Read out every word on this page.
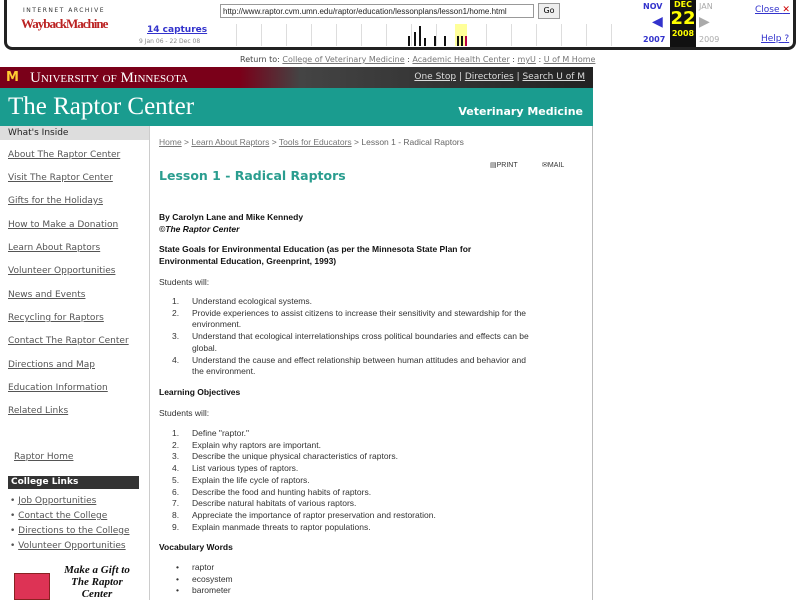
INTERNET ARCHIVE
WaybackMachine	14 captures
9 Jan 06 - 22 Dec 08
http://www.raptor.cvm.umn.edu/raptor/education/lessonplans/lesson1/home.html	Go	NOV
◀
2007
DEC
22
2008
JAN
▶
2009
Close ✕
Help ?
Return to: College of Veterinary Medicine : Academic Health Center : myU : U of M Home
M University of Minnesota	One Stop | Directories | Search U of M
The Raptor Center	Veterinary Medicine
What's Inside
About The Raptor Center
Visit The Raptor Center
Gifts for the Holidays
How to Make a Donation
Learn About Raptors
Volunteer Opportunities
News and Events
Recycling for Raptors
Contact The Raptor Center
Directions and Map
Education Information
Related Links
Raptor Home
College Links
• Job Opportunities
• Contact the College
• Directions to the College
• Volunteer Opportunities
Make a Gift to The Raptor Center
Home > Learn About Raptors > Tools for Educators > Lesson 1 - Radical Raptors
▤PRINT	✉MAIL
Lesson 1 - Radical Raptors
By Carolyn Lane and Mike Kennedy
©The Raptor Center
State Goals for Environmental Education (as per the Minnesota State Plan for
Environmental Education, Greenprint, 1993)
Students will:
Learning Objectives
Students will:
Vocabulary Words
1. Understand ecological systems.
2. Provide experiences to assist citizens to increase their sensitivity and stewardship for the
environment.
3. Understand that ecological interrelationships cross political boundaries and effects can be
global.
4. Understand the cause and effect relationship between human attitudes and behavior and
the environment.
1. Define "raptor."
2. Explain why raptors are important.
3. Describe the unique physical characteristics of raptors.
4. List various types of raptors.
5. Explain the life cycle of raptors.
6. Describe the food and hunting habits of raptors.
7. Describe natural habitats of various raptors.
8. Appreciate the importance of raptor preservation and restoration.
9. Explain manmade threats to raptor populations.
• raptor
• ecosystem
• barometer
